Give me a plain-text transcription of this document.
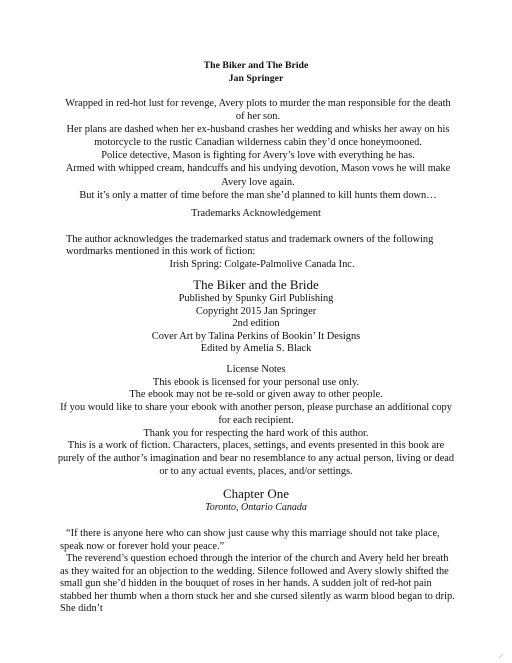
The Biker and The Bride
Jan Springer

Wrapped in red-hot lust for revenge, Avery plots to murder the man responsible for the death of her son.

Her plans are dashed when her ex-husband crashes her wedding and whisks her away on his motorcycle to the rustic Canadian wilderness cabin they’d once honeymooned.

Police detective, Mason is fighting for Avery’s love with everything he has.

Armed with whipped cream, handcuffs and his undying devotion, Mason vows he will make Avery love again.

But it’s only a matter of time before the man she’d planned to kill hunts them down…

Trademarks Acknowledgement
The author acknowledges the trademarked status and trademark owners of the following wordmarks mentioned in this work of fiction:
Irish Spring: Colgate-Palmolive Canada Inc.
The Biker and the Bride
Published by Spunky Girl Publishing
Copyright 2015 Jan Springer
2nd edition
Cover Art by Talina Perkins of Bookin’ It Designs
Edited by Amelia S. Black

License Notes

This ebook is licensed for your personal use only.

The ebook may not be re-sold or given away to other people.

If you would like to share your ebook with another person, please purchase an additional copy for each recipient.

Thank you for respecting the hard work of this author.

This is a work of fiction. Characters, places, settings, and events presented in this book are purely of the author’s imagination and bear no resemblance to any actual person, living or dead or to any actual events, places, and/or settings.

Chapter One
Toronto, Ontario Canada

“If there is anyone here who can show just cause why this marriage should not take place, speak now or forever hold your peace.”

The reverend’s question echoed through the interior of the church and Avery held her breath as they waited for an objection to the wedding. Silence followed and Avery slowly shifted the small gun she’d hidden in the bouquet of roses in her hands. A sudden jolt of red-hot pain stabbed her thumb when a thorn stuck her and she cursed silently as warm blood began to drip. She didn’t
